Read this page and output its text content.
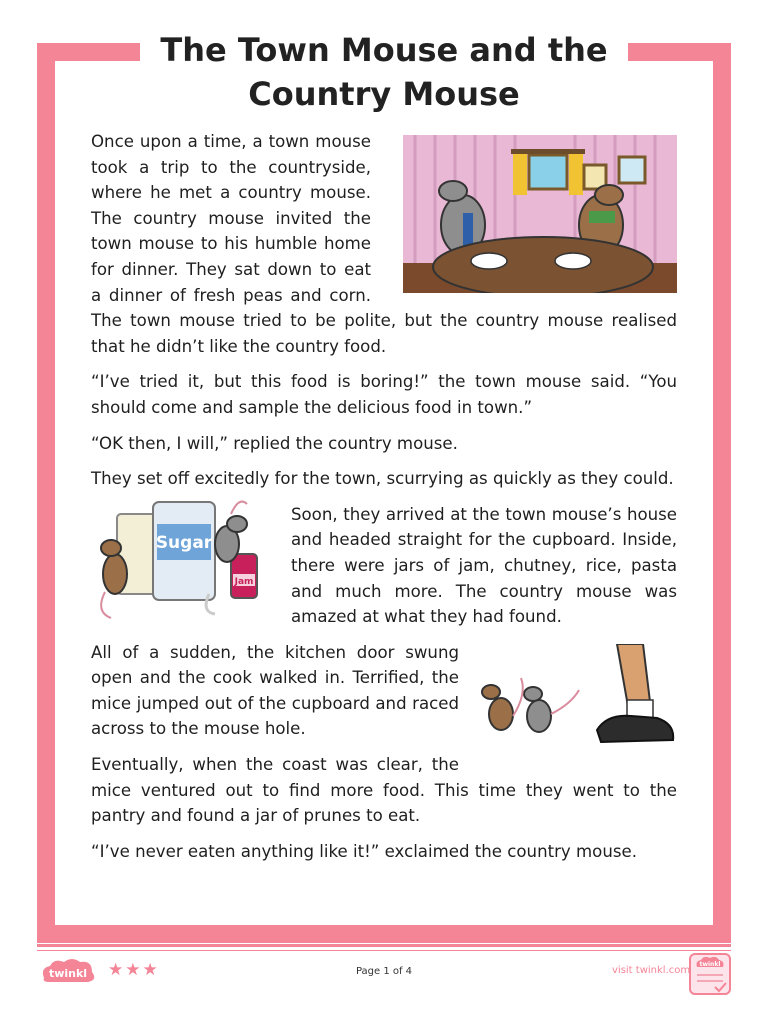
The Town Mouse and the Country Mouse

Once upon a time, a town mouse took a trip to the countryside, where he met a country mouse. The country mouse invited the town mouse to his humble home for dinner. They sat down to eat a dinner of fresh peas and corn. The town mouse tried to be polite, but the country mouse realised that he didn’t like the country food.

“I’ve tried it, but this food is boring!” the town mouse said. “You should come and sample the delicious food in town.”

“OK then, I will,” replied the country mouse.

They set off excitedly for the town, scurrying as quickly as they could.

Sugar
Jam

Soon, they arrived at the town mouse’s house and headed straight for the cupboard. Inside, there were jars of jam, chutney, rice, pasta and much more. The country mouse was amazed at what they had found.

All of a sudden, the kitchen door swung open and the cook walked in. Terrified, the mice jumped out of the cupboard and raced across to the mouse hole.

Eventually, when the coast was clear, the mice ventured out to find more food. This time they went to the pantry and found a jar of prunes to eat.

“I’ve never eaten anything like it!” exclaimed the country mouse.

twinkl ★★★	Page 1 of 4	visit twinkl.com
twinkl
